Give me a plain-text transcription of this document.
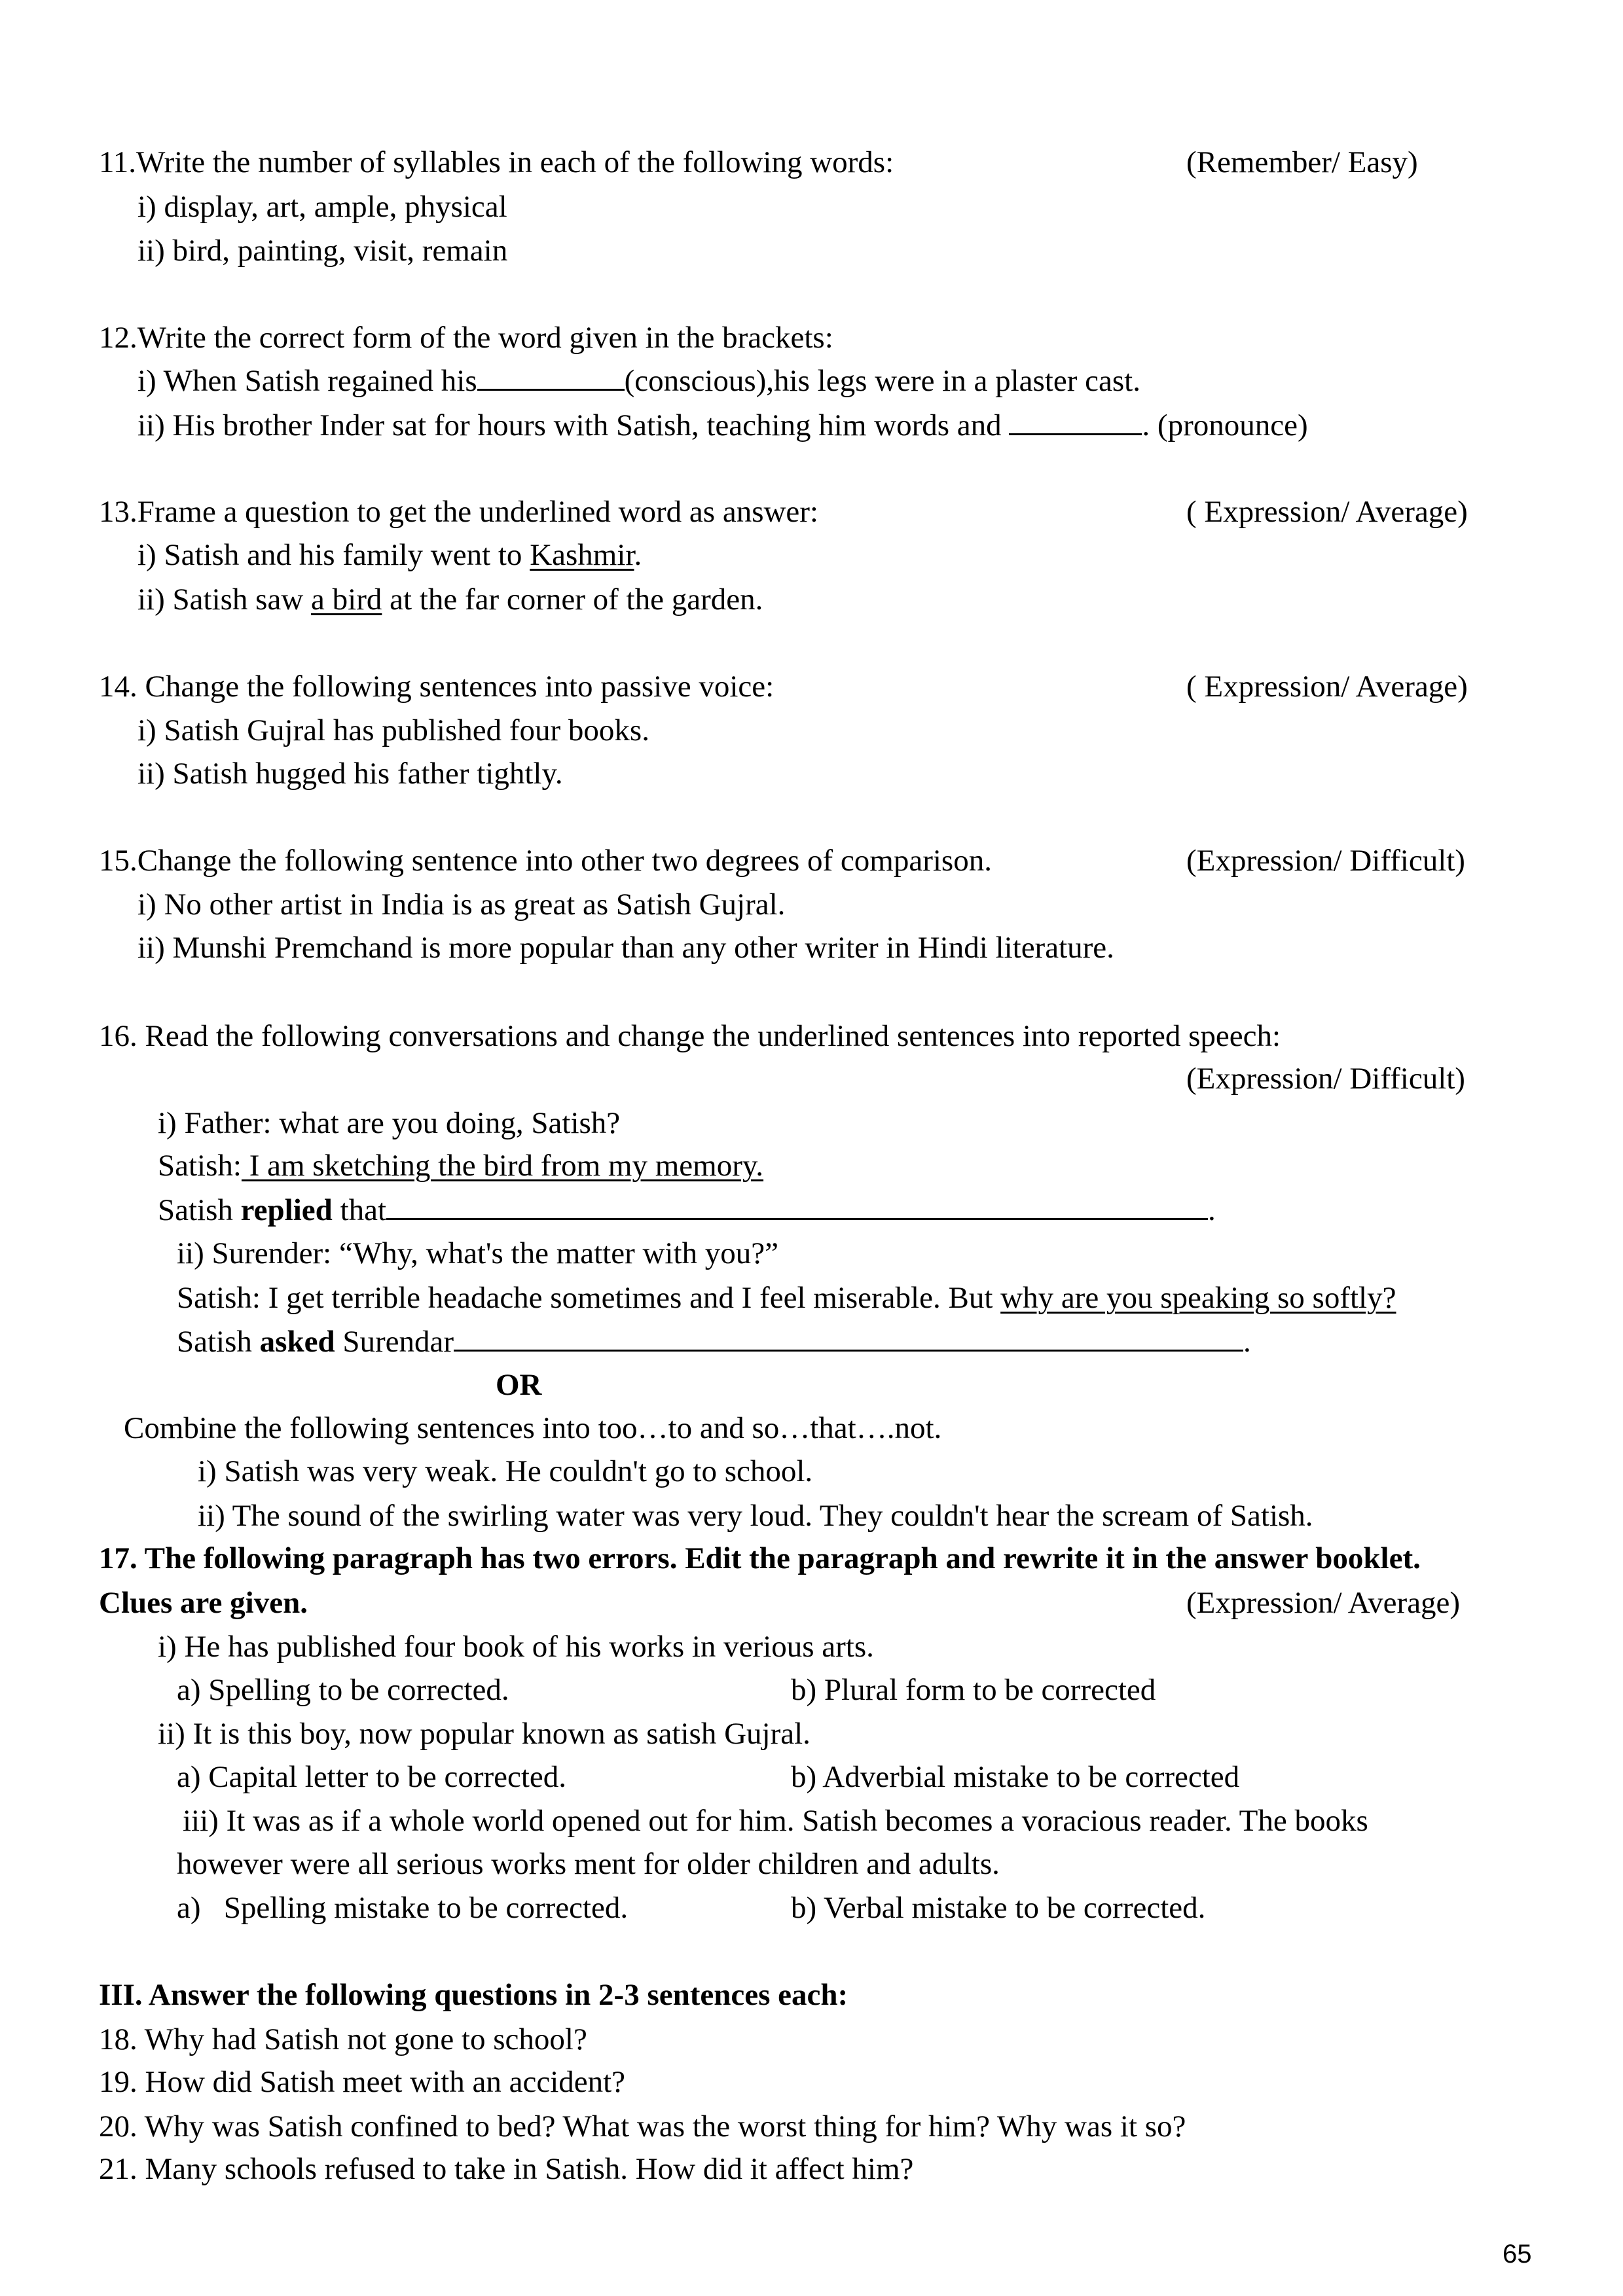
11.Write the number of syllables in each of the following words:	(Remember/ Easy)
i) display, art, ample, physical
ii) bird, painting, visit, remain
12.Write the correct form of the word given in the brackets:
i) When Satish regained his	(conscious),his legs were in a plaster cast.
ii) His brother Inder sat for hours with Satish, teaching him words and	. (pronounce)
13.Frame a question to get the underlined word as answer:	( Expression/ Average)
i) Satish and his family went to Kashmir.
ii) Satish saw a bird at the far corner of the garden.
14. Change the following sentences into passive voice:	( Expression/ Average)
i) Satish Gujral has published four books.
ii) Satish hugged his father tightly.
15.Change the following sentence into other two degrees of comparison.	(Expression/ Difficult)
i) No other artist in India is as great as Satish Gujral.
ii) Munshi Premchand is more popular than any other writer in Hindi literature.
16. Read the following conversations and change the underlined sentences into reported speech:
(Expression/ Difficult)
i) Father: what are you doing, Satish?
Satish: I am sketching the bird from my memory.
Satish replied that	.
ii) Surender: “Why, what's the matter with you?”
Satish: I get terrible headache sometimes and I feel miserable. But why are you speaking so softly?
Satish asked Surendar	.
OR
Combine the following sentences into too…to and so…that….not.
i) Satish was very weak. He couldn't go to school.
ii) The sound of the swirling water was very loud. They couldn't hear the scream of Satish.
17. The following paragraph has two errors. Edit the paragraph and rewrite it in the answer booklet.
Clues are given.	(Expression/ Average)
i) He has published four book of his works in verious arts.
a) Spelling to be corrected.	b) Plural form to be corrected
ii) It is this boy, now popular known as satish Gujral.
a) Capital letter to be corrected.	b) Adverbial mistake to be corrected
iii) It was as if a whole world opened out for him. Satish becomes a voracious reader. The books
however were all serious works ment for older children and adults.
a)   Spelling mistake to be corrected.	b) Verbal mistake to be corrected.
III. Answer the following questions in 2-3 sentences each:
18. Why had Satish not gone to school?
19. How did Satish meet with an accident?
20. Why was Satish confined to bed? What was the worst thing for him? Why was it so?
21. Many schools refused to take in Satish. How did it affect him?
65
